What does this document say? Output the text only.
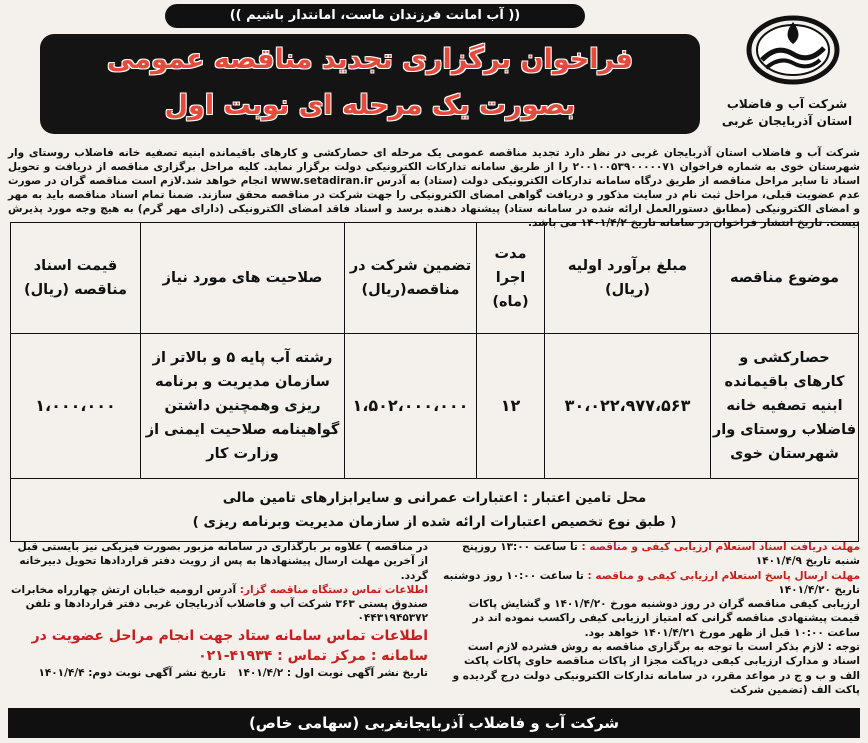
(( آب امانت فرزندان ماست، امانتدار باشیم ))
فراخوان برگزاری تجدید مناقصه عمومی
بصورت یک مرحله ای نوبت اول	شرکت آب و فاضلاب
استان آذربایجان غربی
شرکت آب و فاضلاب استان آذربایجان غربی در نظر دارد تجدید مناقصه عمومی یک مرحله ای حصارکشی و کارهای باقیمانده ابنیه تصفیه خانه فاضلاب روستای وار شهرستان خوی به شماره فراخوان ۲۰۰۱۰۰۵۳۹۰۰۰۰۰۷۱ را از طریق سامانه تدارکات الکترونیکی دولت برگزار نماید. کلیه مراحل برگزاری مناقصه از دریافت و تحویل اسناد تا سایر مراحل مناقصه از طریق درگاه سامانه تدارکات الکترونیکی دولت (ستاد) به آدرس www.setadiran.ir انجام خواهد شد.لازم است مناقصه گران در صورت عدم عضویت قبلی، مراحل ثبت نام در سایت مذکور و دریافت گواهی امضای الکترونیکی را جهت شرکت در مناقصه محقق سازند. ضمنا تمام اسناد مناقصه باید به مهر و امضای الکترونیکی (مطابق دستورالعمل ارائه شده در سامانه ستاد) پیشنهاد دهنده برسد و اسناد فاقد امضای الکترونیکی (دارای مهر گرم) به هیچ وجه مورد پذیرش نیست. تاریخ انتشار فراخوان در سامانه تاریخ ۱۴۰۱/۴/۲ می باشد.
موضوع مناقصه	مبلغ برآورد اولیه (ریال)	مدت اجرا (ماه)	تضمین شرکت در مناقصه(ریال)	صلاحیت های مورد نیاز	قیمت اسناد مناقصه (ریال)
حصارکشی و کارهای باقیمانده ابنیه تصفیه خانه فاضلاب روستای وار شهرستان خوی	۳۰،۰۲۲،۹۷۷،۵۶۳	۱۲	۱،۵۰۲،۰۰۰،۰۰۰	رشته آب پایه ۵ و بالاتر از سازمان مدیریت و برنامه ریزی وهمچنین داشتن گواهینامه صلاحیت ایمنی از وزارت کار	۱،۰۰۰،۰۰۰

محل تامین اعتبار : اعتبارات عمرانی و سایرابزارهای تامین مالی
( طبق نوع تخصیص اعتبارات ارائه شده از سازمان مدیریت وبرنامه ریزی )					

مهلت دریافت اسناد استعلام ارزیابی کیفی و مناقصه : تا ساعت ۱۳:۰۰ روزپنج شنبه تاریخ ۱۴۰۱/۴/۹

مهلت ارسال پاسخ استعلام ارزیابی کیفی و مناقصه : تا ساعت ۱۰:۰۰ روز دوشنبه تاریخ ۱۴۰۱/۴/۲۰

ارزیابی کیفی مناقصه گران در روز دوشنبه مورخ ۱۴۰۱/۴/۲۰ و گشایش پاکات قیمت پیشنهادی مناقصه گرانی که امتیاز ارزیابی کیفی راکسب نموده اند در ساعت ۱۰:۰۰ قبل از ظهر مورخ ۱۴۰۱/۴/۲۱ خواهد بود.

توجه : لازم بذکر است با توجه به برگزاری مناقصه به روش فشرده لازم است اسناد و مدارک ارزیابی کیفی درپاکت مجزا از پاکات مناقصه حاوی پاکات پاکت الف و ب و ج در مواعد مقرر، در سامانه تدارکات الکترونیکی دولت درج گردیده و پاکت الف (تضمین شرکت

در مناقصه ) علاوه بر بارگذاری در سامانه مزبور بصورت فیزیکی نیز بایستی قبل از آخرین مهلت ارسال پیشنهادها به پس از رویت دفتر قراردادها تحویل دبیرخانه گردد.

اطلاعات تماس دستگاه مناقصه گزار: آدرس ارومیه خیابان ارتش چهارراه مخابرات صندوق پستی ۳۶۳ شرکت آب و فاضلاب آذربایجان غربی دفتر قراردادها و تلفن ۰۴۴۳۱۹۴۵۳۷۲

اطلاعات تماس سامانه ستاد جهت انجام مراحل عضویت در سامانه : مرکز تماس : ۴۱۹۳۴-۰۲۱

تاریخ نشر آگهی نوبت اول : ۱۴۰۱/۴/۲   تاریخ نشر آگهی نوبت دوم: ۱۴۰۱/۴/۴

شرکت آب و فاضلاب آذربایجانغربی (سهامی خاص)
